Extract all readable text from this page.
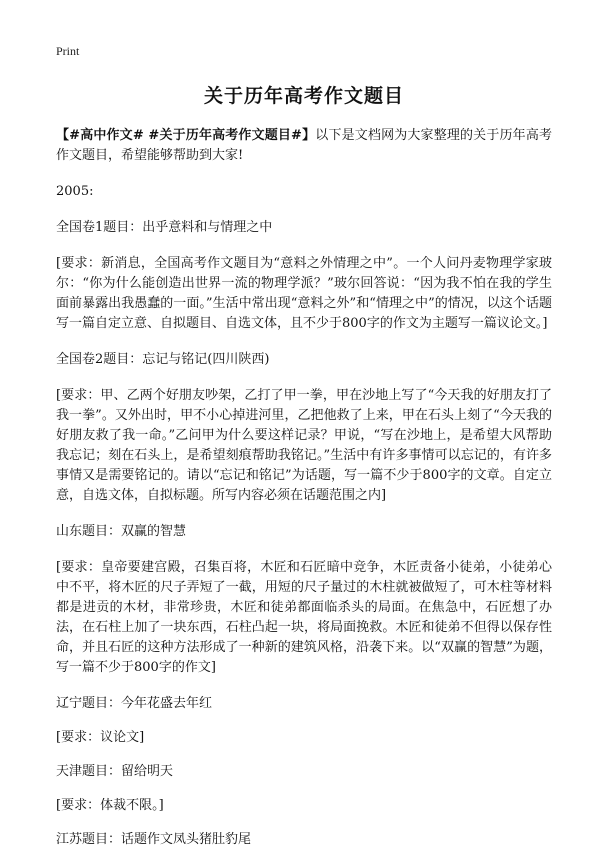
Print
关于历年高考作文题目

【#高中作文# #关于历年高考作文题目#】以下是文档网为大家整理的关于历年高考作文题目，希望能够帮助到大家!

2005:

全国卷1题目：出乎意料和与情理之中

[要求：新消息，全国高考作文题目为“意料之外情理之中”。一个人问丹麦物理学家玻尔：“你为什么能创造出世界一流的物理学派？”玻尔回答说：“因为我不怕在我的学生面前暴露出我愚蠢的一面。”生活中常出现“意料之外”和“情理之中”的情况，以这个话题写一篇自定立意、自拟题目、自选文体，且不少于800字的作文为主题写一篇议论文。]

全国卷2题目：忘记与铭记(四川陕西)

[要求：甲、乙两个好朋友吵架，乙打了甲一拳，甲在沙地上写了“今天我的好朋友打了我一拳”。又外出时，甲不小心掉进河里，乙把他救了上来，甲在石头上刻了“今天我的好朋友救了我一命。”乙问甲为什么要这样记录？甲说，“写在沙地上，是希望大风帮助我忘记；刻在石头上，是希望刻痕帮助我铭记。”生活中有许多事情可以忘记的，有许多事情又是需要铭记的。请以“忘记和铭记”为话题，写一篇不少于800字的文章。自定立意，自选文体，自拟标题。所写内容必须在话题范围之内]

山东题目：双赢的智慧

[要求：皇帝要建宫殿，召集百将，木匠和石匠暗中竞争，木匠责备小徒弟，小徒弟心中不平，将木匠的尺子弄短了一截，用短的尺子量过的木柱就被做短了，可木柱等材料都是进贡的木材，非常珍贵，木匠和徒弟都面临杀头的局面。在焦急中，石匠想了办法，在石柱上加了一块东西，石柱凸起一块，将局面挽救。木匠和徒弟不但得以保存性命，并且石匠的这种方法形成了一种新的建筑风格，沿袭下来。以“双赢的智慧”为题，写一篇不少于800字的作文]

辽宁题目：今年花盛去年红

[要求：议论文]

天津题目：留给明天

[要求：体裁不限。]

江苏题目：话题作文凤头猪肚豹尾
